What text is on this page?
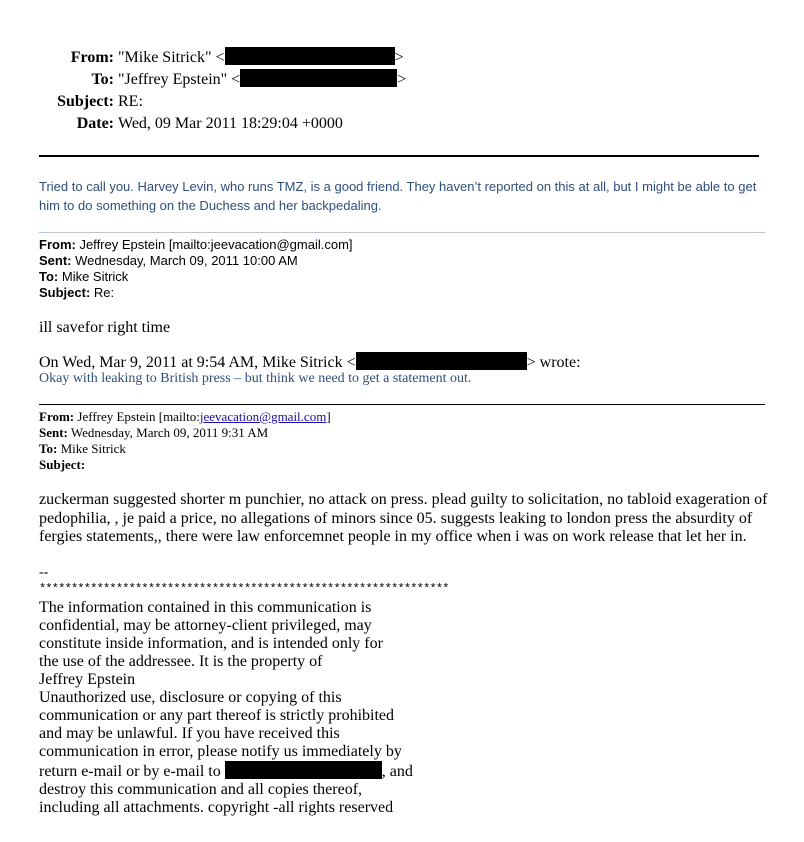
From: "Mike Sitrick" <	>
To: "Jeffrey Epstein" <	>
Subject: RE:
Date: Wed, 09 Mar 2011 18:29:04 +0000
Tried to call you. Harvey Levin, who runs TMZ, is a good friend. They haven’t reported on this at all, but I might be able to get him to do something on the Duchess and her backpedaling.
From: Jeffrey Epstein [mailto:jeevacation@gmail.com]
Sent: Wednesday, March 09, 2011 10:00 AM
To: Mike Sitrick
Subject: Re:
ill savefor right time
On Wed, Mar 9, 2011 at 9:54 AM, Mike Sitrick <	> wrote:
Okay with leaking to British press – but think we need to get a statement out.
From: Jeffrey Epstein [mailto:jeevacation@gmail.com]
Sent: Wednesday, March 09, 2011 9:31 AM
To: Mike Sitrick
Subject:
zuckerman suggested shorter m punchier, no attack on press. plead guilty to solicitation, no tabloid exageration of pedophilia, , je paid a price, no allegations of minors since 05. suggests leaking to london press the absurdity of fergies statements,, there were law enforcemnet people in my office when i was on work release that let her in.
--
****************************************************************
The information contained in this communication is
confidential, may be attorney-client privileged, may
constitute inside information, and is intended only for
the use of the addressee. It is the property of
Jeffrey Epstein
Unauthorized use, disclosure or copying of this
communication or any part thereof is strictly prohibited
and may be unlawful. If you have received this
communication in error, please notify us immediately by
return e-mail or by e-mail to	, and
destroy this communication and all copies thereof,
including all attachments. copyright -all rights reserved
